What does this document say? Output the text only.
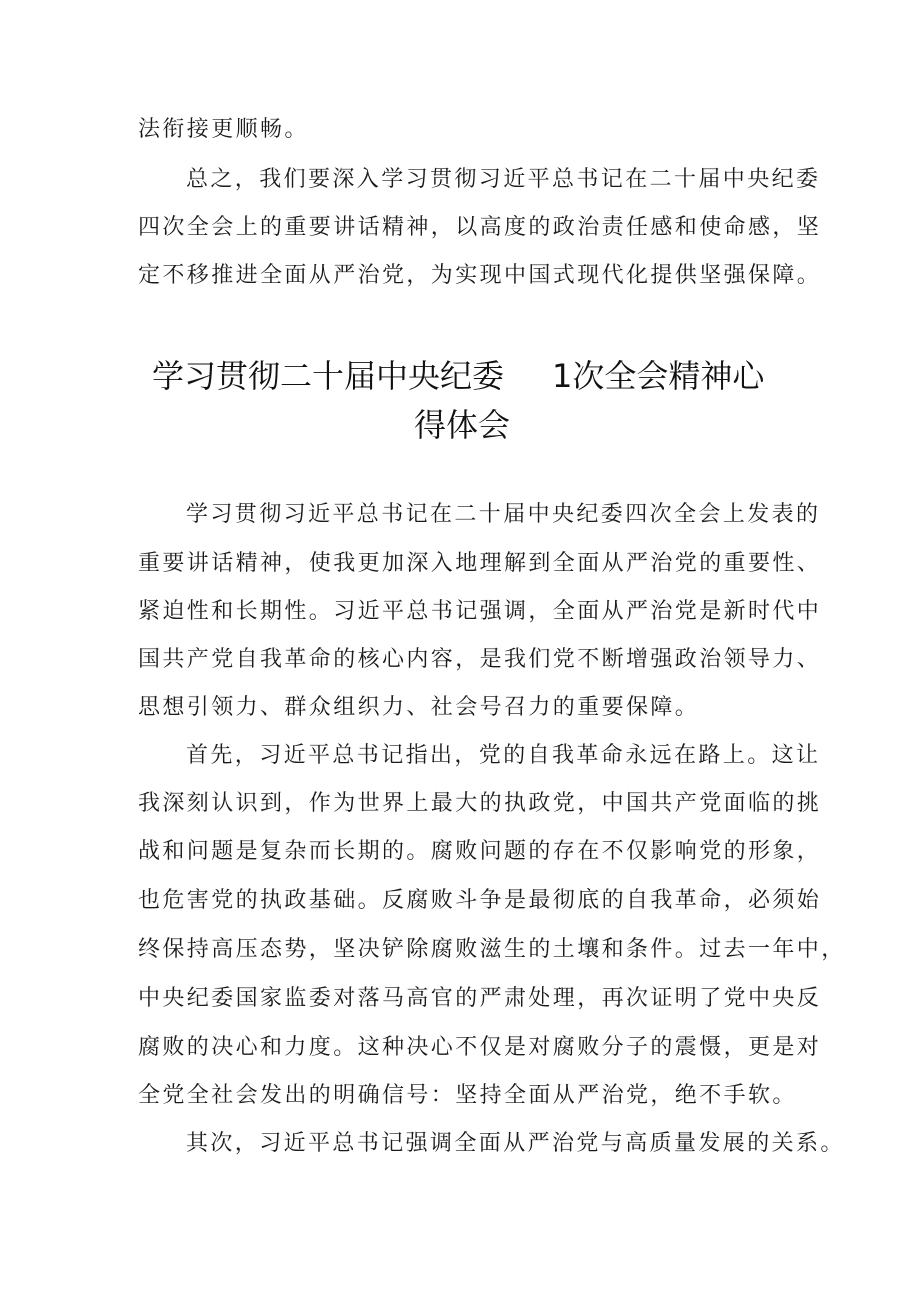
法衔接更顺畅。
总之，我们要深入学习贯彻习近平总书记在二十届中央纪委
四次全会上的重要讲话精神，以高度的政治责任感和使命感，坚
定不移推进全面从严治党，为实现中国式现代化提供坚强保障。
学习贯彻二十届中央纪委 1次全会精神心
得体会
学习贯彻习近平总书记在二十届中央纪委四次全会上发表的
重要讲话精神，使我更加深入地理解到全面从严治党的重要性、
紧迫性和长期性。习近平总书记强调，全面从严治党是新时代中
国共产党自我革命的核心内容，是我们党不断增强政治领导力、
思想引领力、群众组织力、社会号召力的重要保障。
首先，习近平总书记指出，党的自我革命永远在路上。这让
我深刻认识到，作为世界上最大的执政党，中国共产党面临的挑
战和问题是复杂而长期的。腐败问题的存在不仅影响党的形象，
也危害党的执政基础。反腐败斗争是最彻底的自我革命，必须始
终保持高压态势，坚决铲除腐败滋生的土壤和条件。过去一年中，
中央纪委国家监委对落马高官的严肃处理，再次证明了党中央反
腐败的决心和力度。这种决心不仅是对腐败分子的震慑，更是对
全党全社会发出的明确信号：坚持全面从严治党，绝不手软。
其次，习近平总书记强调全面从严治党与高质量发展的关系。
